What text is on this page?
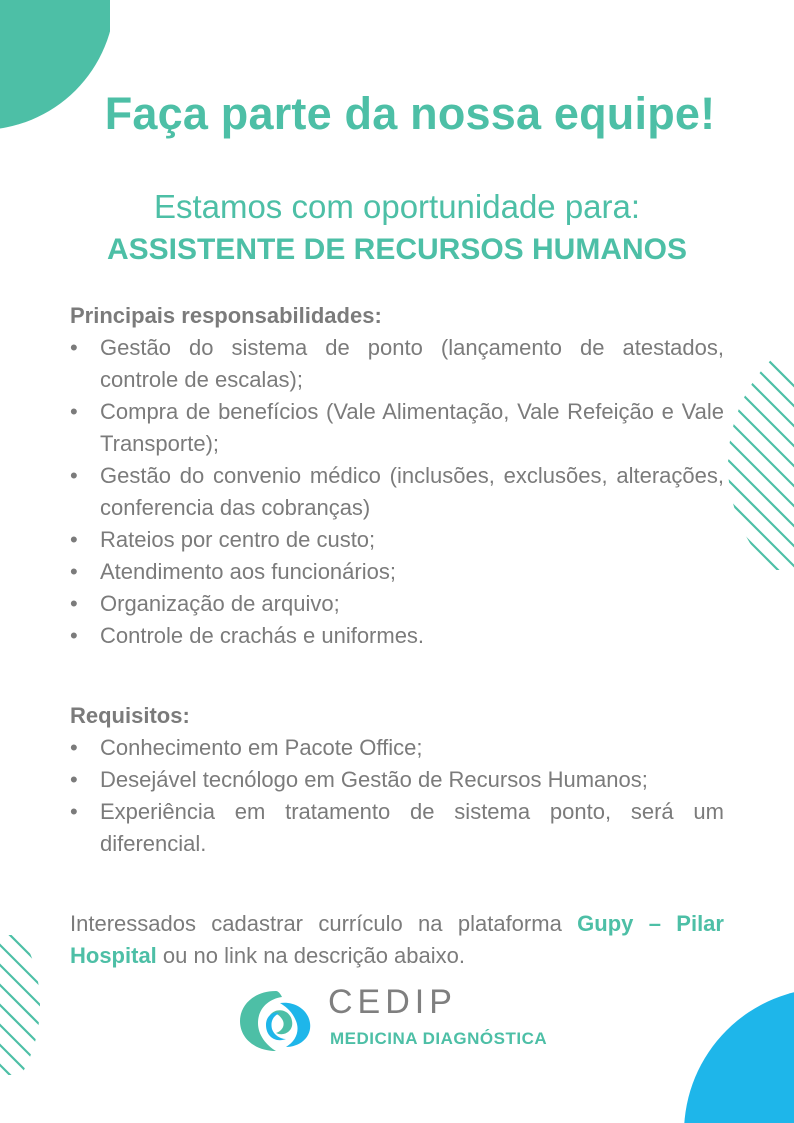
Faça parte da nossa equipe!
Estamos com oportunidade para:
ASSISTENTE DE RECURSOS HUMANOS

Principais responsabilidades:

•	Gestão do sistema de ponto (lançamento de atestados, controle de escalas);
•	Compra de benefícios (Vale Alimentação, Vale Refeição e Vale Transporte);
•	Gestão do convenio médico (inclusões, exclusões, alterações, conferencia das cobranças)
•	Rateios por centro de custo;
•	Atendimento aos funcionários;
•	Organização de arquivo;
•	Controle de crachás e uniformes.

Requisitos:

•	Conhecimento em Pacote Office;
•	Desejável tecnólogo em Gestão de Recursos Humanos;
•	Experiência em tratamento de sistema ponto, será um diferencial.

Interessados cadastrar currículo na plataforma Gupy – Pilar Hospital ou no link na descrição abaixo.

CEDIP
MEDICINA DIAGNÓSTICA
